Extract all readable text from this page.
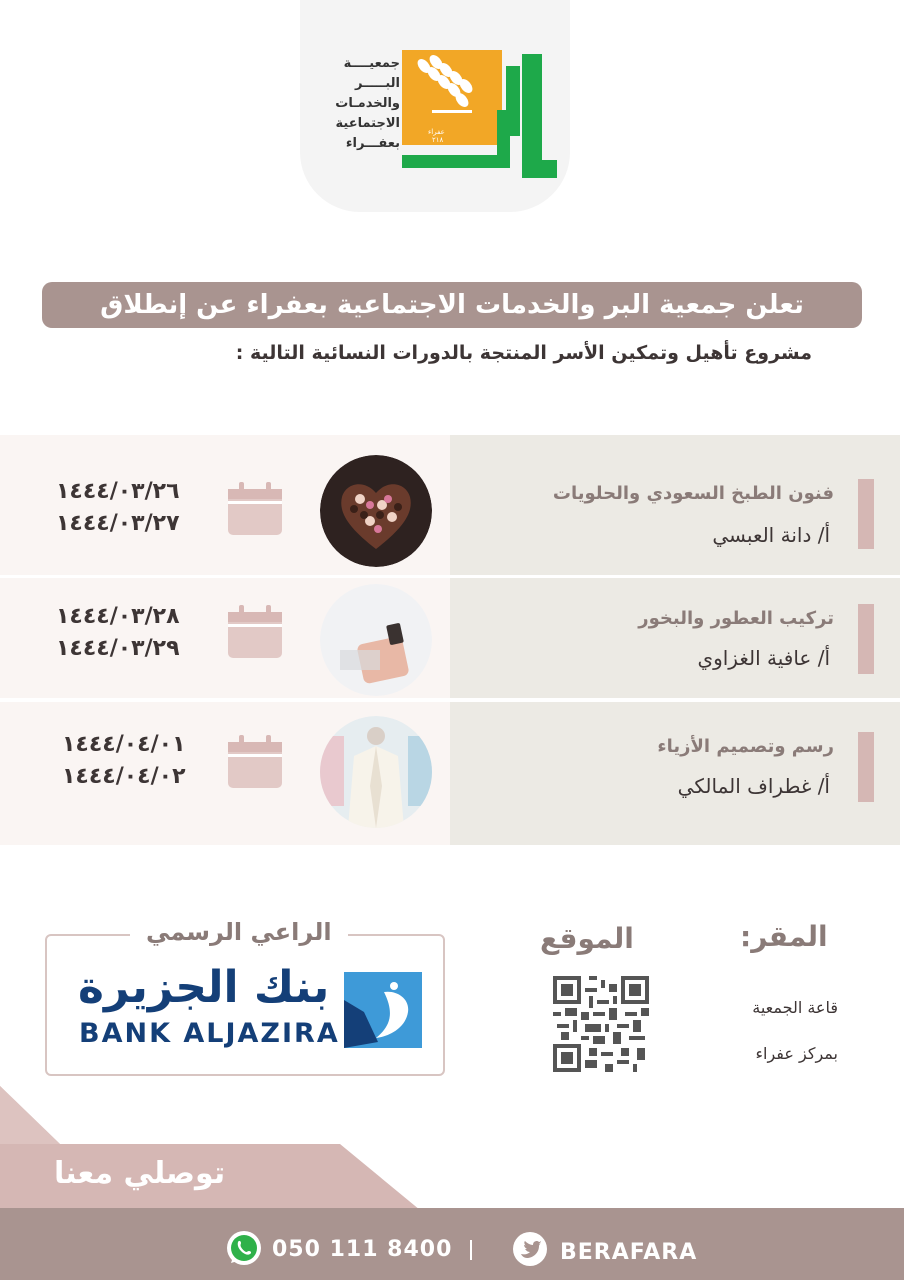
جمعيــــة
البـــــر
والخدمـات
الاجتماعية
بعفـــراء
عفراء
٢١٨
تعلن جمعية البر والخدمات الاجتماعية بعفراء عن إنطلاق
مشروع تأهيل وتمكين الأسر المنتجة بالدورات النسائية التالية :
فنون الطبخ السعودي والحلويات
أ/ دانة العبسي
١٤٤٤/٠٣/٢٦
١٤٤٤/٠٣/٢٧
تركيب العطور والبخور
أ/ عافية الغزاوي
١٤٤٤/٠٣/٢٨
١٤٤٤/٠٣/٢٩
رسم وتصميم الأزياء
أ/ غطراف المالكي
١٤٤٤/٠٤/٠١
١٤٤٤/٠٤/٠٢
المقر:
قاعة الجمعية
بمركز عفراء
الموقع
الراعي الرسمي
بنك الجزيرة
BANK ALJAZIRA
توصلي معنا
050 111 8400	BERAFARA
